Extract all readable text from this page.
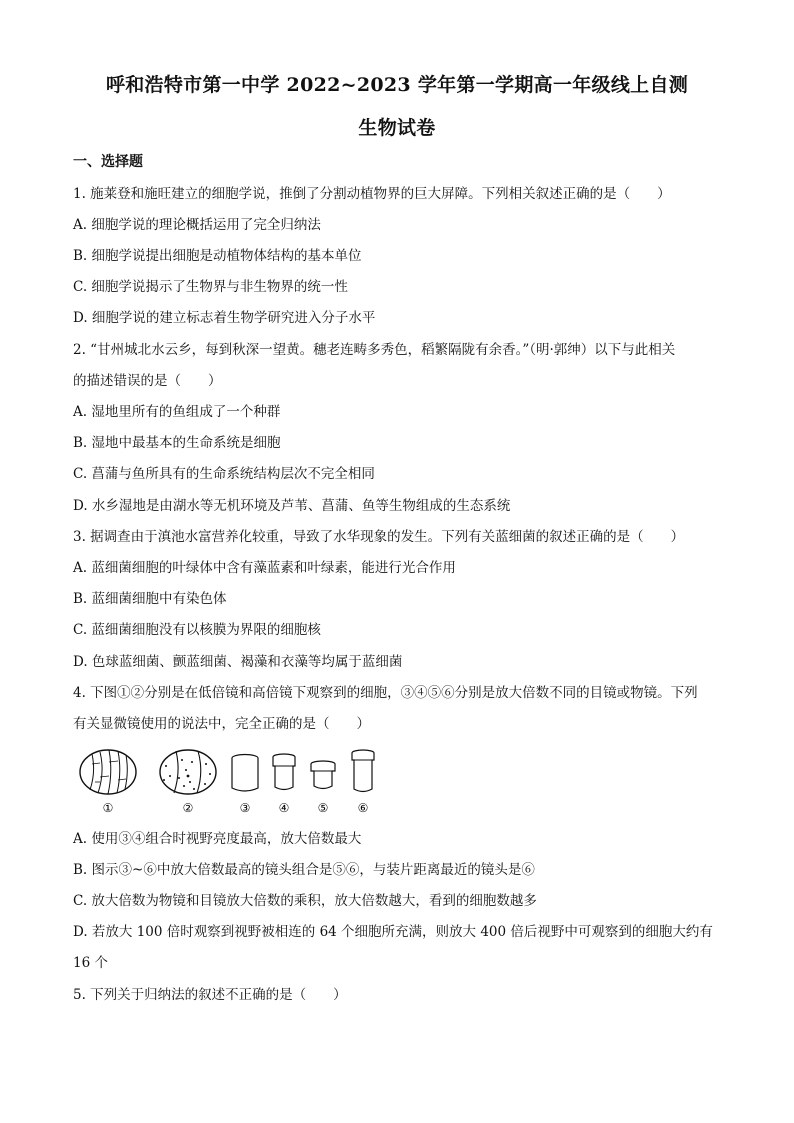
呼和浩特市第一中学 2022~2023 学年第一学期高一年级线上自测
生物试卷
一、选择题
1. 施莱登和施旺建立的细胞学说，推倒了分割动植物界的巨大屏障。下列相关叙述正确的是（　　）
A. 细胞学说的理论概括运用了完全归纳法
B. 细胞学说提出细胞是动植物体结构的基本单位
C. 细胞学说揭示了生物界与非生物界的统一性
D. 细胞学说的建立标志着生物学研究进入分子水平
2. “甘州城北水云乡，每到秋深一望黄。穗老连畴多秀色，稻繁隔陇有余香。”（明·郭绅）以下与此相关
的描述错误的是（　　）
A. 湿地里所有的鱼组成了一个种群
B. 湿地中最基本的生命系统是细胞
C. 菖蒲与鱼所具有的生命系统结构层次不完全相同
D. 水乡湿地是由湖水等无机环境及芦苇、菖蒲、鱼等生物组成的生态系统
3. 据调查由于滇池水富营养化较重，导致了水华现象的发生。下列有关蓝细菌的叙述正确的是（　　）
A. 蓝细菌细胞的叶绿体中含有藻蓝素和叶绿素，能进行光合作用
B. 蓝细菌细胞中有染色体
C. 蓝细菌细胞没有以核膜为界限的细胞核
D. 色球蓝细菌、颤蓝细菌、褐藻和衣藻等均属于蓝细菌
4. 下图①②分别是在低倍镜和高倍镜下观察到的细胞，③④⑤⑥分别是放大倍数不同的目镜或物镜。下列
有关显微镜使用的说法中，完全正确的是（　　）
①	②	③ ④ ⑤ ⑥
A. 使用③④组合时视野亮度最高，放大倍数最大
B. 图示③~⑥中放大倍数最高的镜头组合是⑤⑥，与装片距离最近的镜头是⑥
C. 放大倍数为物镜和目镜放大倍数的乘积，放大倍数越大，看到的细胞数越多
D. 若放大 100 倍时观察到视野被相连的 64 个细胞所充满，则放大 400 倍后视野中可观察到的细胞大约有
16 个
5. 下列关于归纳法的叙述不正确的是（　　）
